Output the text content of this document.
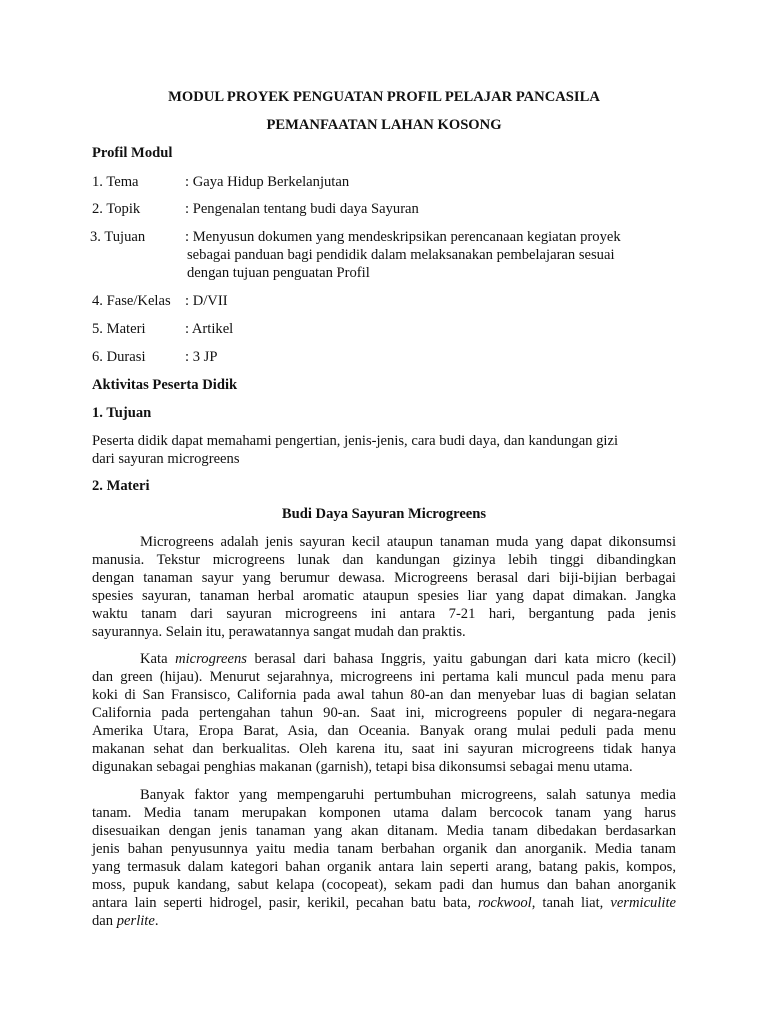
MODUL PROYEK PENGUATAN PROFIL PELAJAR PANCASILA
PEMANFAATAN LAHAN KOSONG
Profil Modul
1. Tema	: Gaya Hidup Berkelanjutan
2. Topik	: Pengenalan tentang budi daya Sayuran
3. Tujuan	: Menyusun dokumen yang mendeskripsikan perencanaan kegiatan proyek
sebagai panduan bagi pendidik dalam melaksanakan pembelajaran sesuai
dengan tujuan penguatan Profil
4. Fase/Kelas : D/VII
5. Materi	: Artikel
6. Durasi	: 3 JP
Aktivitas Peserta Didik
1. Tujuan
Peserta didik dapat memahami pengertian, jenis-jenis, cara budi daya, dan kandungan gizi
dari sayuran microgreens
2. Materi
Budi Daya Sayuran Microgreens
Microgreens adalah jenis sayuran kecil ataupun tanaman muda yang dapat dikonsumsi
manusia. Tekstur microgreens lunak dan kandungan gizinya lebih tinggi dibandingkan
dengan tanaman sayur yang berumur dewasa. Microgreens berasal dari biji-bijian berbagai
spesies sayuran, tanaman herbal aromatic ataupun spesies liar yang dapat dimakan. Jangka
waktu tanam dari sayuran microgreens ini antara 7-21 hari, bergantung pada jenis
sayurannya. Selain itu, perawatannya sangat mudah dan praktis.
Kata microgreens berasal dari bahasa Inggris, yaitu gabungan dari kata micro (kecil)
dan green (hijau). Menurut sejarahnya, microgreens ini pertama kali muncul pada menu para
koki di San Fransisco, California pada awal tahun 80-an dan menyebar luas di bagian selatan
California pada pertengahan tahun 90-an. Saat ini, microgreens populer di negara-negara
Amerika Utara, Eropa Barat, Asia, dan Oceania. Banyak orang mulai peduli pada menu
makanan sehat dan berkualitas. Oleh karena itu, saat ini sayuran microgreens tidak hanya
digunakan sebagai penghias makanan (garnish), tetapi bisa dikonsumsi sebagai menu utama.
Banyak faktor yang mempengaruhi pertumbuhan microgreens, salah satunya media
tanam. Media tanam merupakan komponen utama dalam bercocok tanam yang harus
disesuaikan dengan jenis tanaman yang akan ditanam. Media tanam dibedakan berdasarkan
jenis bahan penyusunnya yaitu media tanam berbahan organik dan anorganik. Media tanam
yang termasuk dalam kategori bahan organik antara lain seperti arang, batang pakis, kompos,
moss, pupuk kandang, sabut kelapa (cocopeat), sekam padi dan humus dan bahan anorganik
antara lain seperti hidrogel, pasir, kerikil, pecahan batu bata, rockwool, tanah liat, vermiculite
dan perlite.
